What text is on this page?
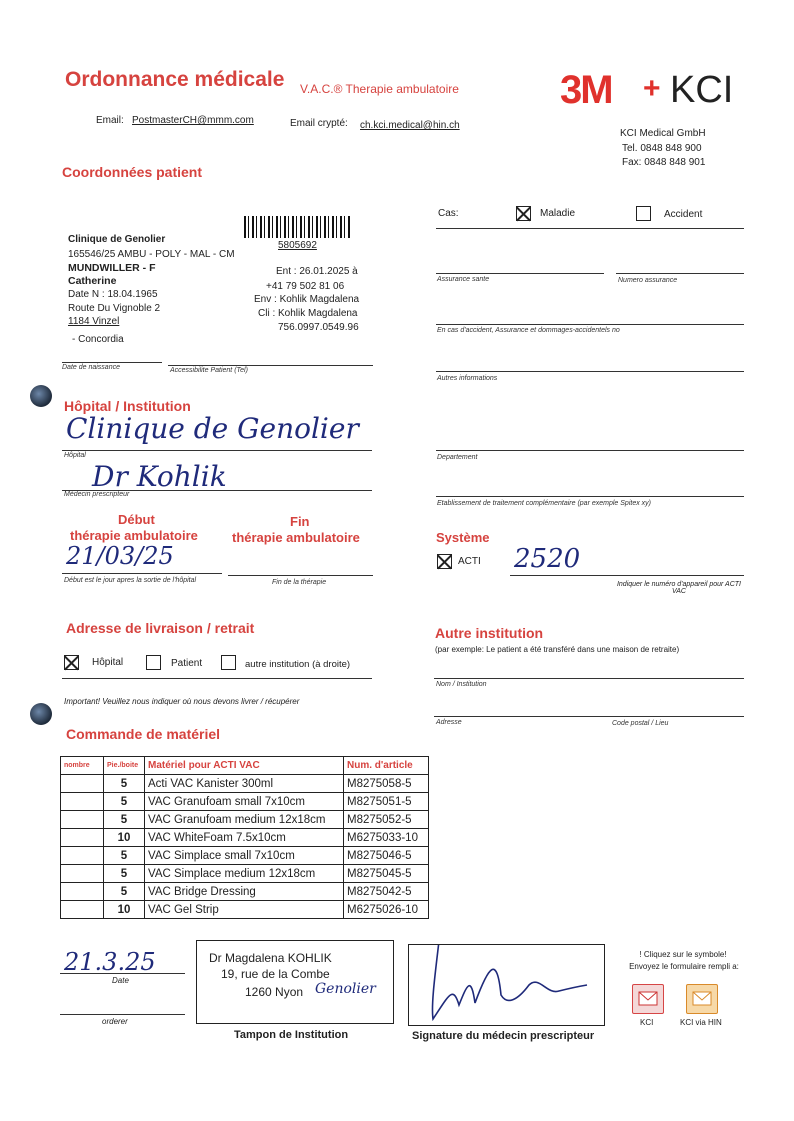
Ordonnance médicale V.A.C.® Therapie ambulatoire	3M + KCI
Email: PostmasterCH@mmm.com	Email crypté: ch.kci.medical@hin.ch
KCI Medical GmbH
Tel. 0848 848 900
Fax: 0848 848 901
Coordonnées patient
5805692
Clinique de Genolier
165546/25 AMBU - POLY - MAL - CM
MUNDWILLER - F
Catherine
Date N : 18.04.1965
Route Du Vignoble 2
1184 Vinzel
- Concordia
Ent : 26.01.2025 à
+41 79 502 81 06
Env : Kohlik Magdalena
Cli : Kohlik Magdalena
756.0997.0549.96
Date de naissance	Accessibilite Patient (Tel)
Cas:	Maladie	Accident
Assurance sante	Numero assurance
En cas d'accident, Assurance et dommages-accidentels no
Autres informations
Departement
Etablissement de traitement complémentaire (par exemple Spitex xy)
Hôpital / Institution
Clinique de Genolier
Hôpital
Dr Kohlik
Médecin prescripteur
Début
thérapie ambulatoire
Fin
thérapie ambulatoire
21/03/25
Début est le jour apres la sortie de l'hôpital	Fin de la thérapie
Système
ACTI 2520
Indiquer le numéro d'appareil pour ACTI VAC
Adresse de livraison / retrait
Hôpital	Patient	autre institution (à droite)
Important! Veuillez nous indiquer où nous devons livrer / récupérer
Autre institution
(par exemple: Le patient a été transféré dans une maison de retraite)
Nom / Institution
Adresse	Code postal / Lieu
Commande de matériel
nombre	Pie./boite	Matériel pour ACTI VAC	Num. d'article
	5	Acti VAC Kanister 300ml	M8275058-5
	5	VAC Granufoam small 7x10cm	M8275051-5
	5	VAC Granufoam medium 12x18cm	M8275052-5
	10	VAC WhiteFoam 7.5x10cm	M6275033-10
	5	VAC Simplace small 7x10cm	M8275046-5
	5	VAC Simplace medium 12x18cm	M8275045-5
	5	VAC Bridge Dressing	M8275042-5
	10	VAC Gel Strip	M6275026-10
21.3.25
Date
orderer
Dr Magdalena KOHLIK
19, rue de la Combe
1260 Nyon Genolier
Tampon de Institution	Signature du médecin prescripteur
! Cliquez sur le symbole!
Envoyez le formulaire rempli a:
KCI	KCI via HIN
